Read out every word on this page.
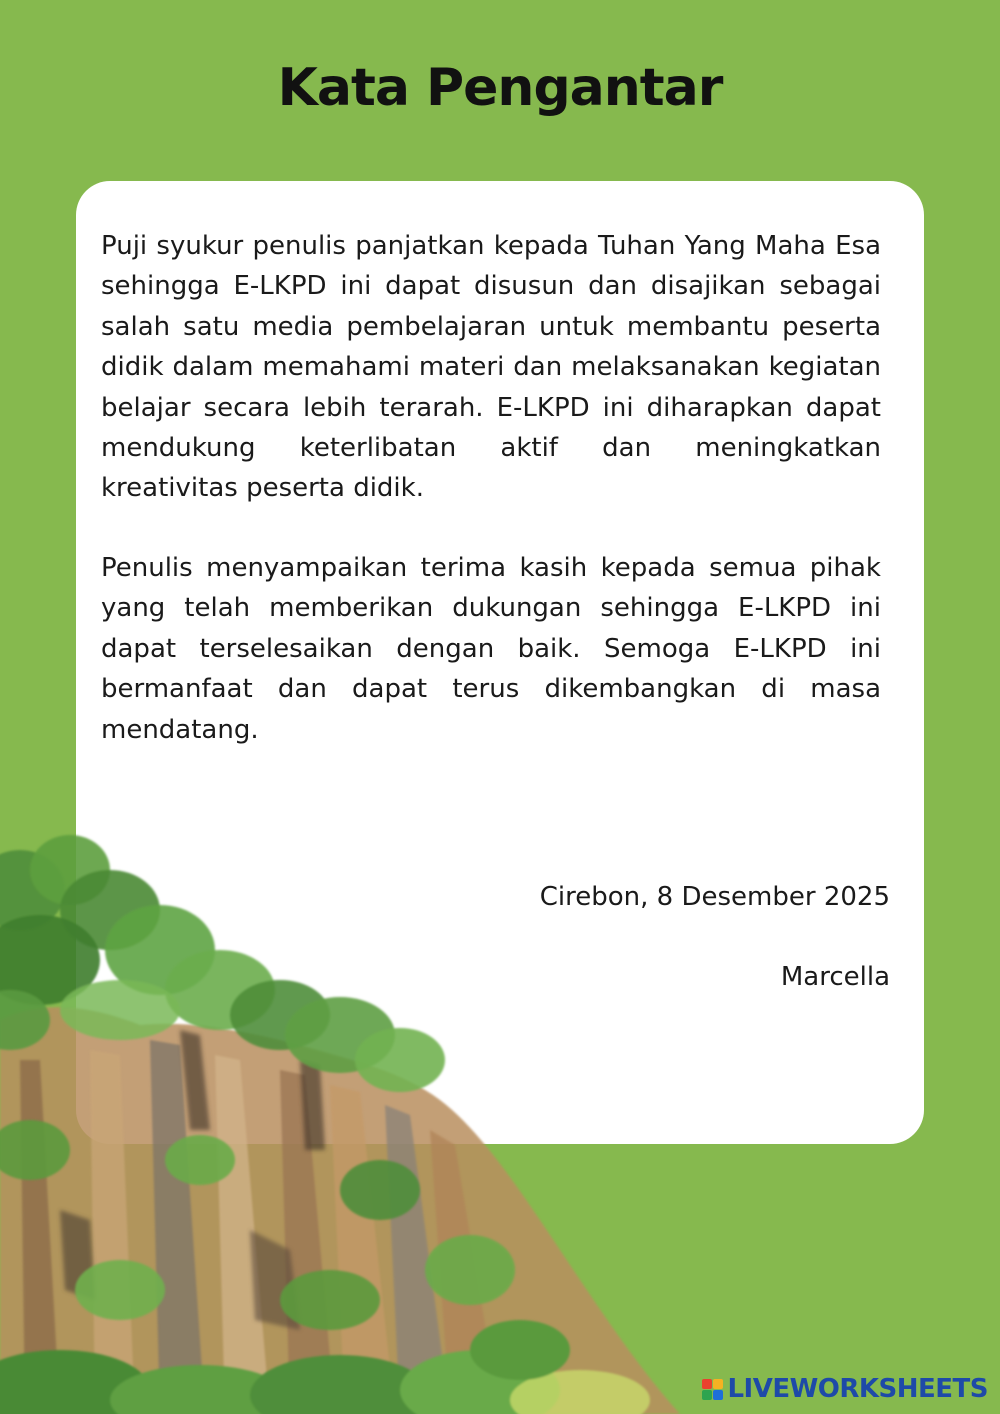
Kata Pengantar

Puji syukur penulis panjatkan kepada Tuhan Yang Maha Esa sehingga E-LKPD ini dapat disusun dan disajikan sebagai salah satu media pembelajaran untuk membantu peserta didik dalam memahami materi dan melaksanakan kegiatan belajar secara lebih terarah. E-LKPD ini diharapkan dapat mendukung keterlibatan aktif dan meningkatkan kreativitas peserta didik.

Penulis menyampaikan terima kasih kepada semua pihak yang telah memberikan dukungan sehingga E-LKPD ini dapat terselesaikan dengan baik. Semoga E-LKPD ini bermanfaat dan dapat terus dikembangkan di masa mendatang.

Cirebon, 8 Desember 2025

Marcella

LIVEWORKSHEETS
